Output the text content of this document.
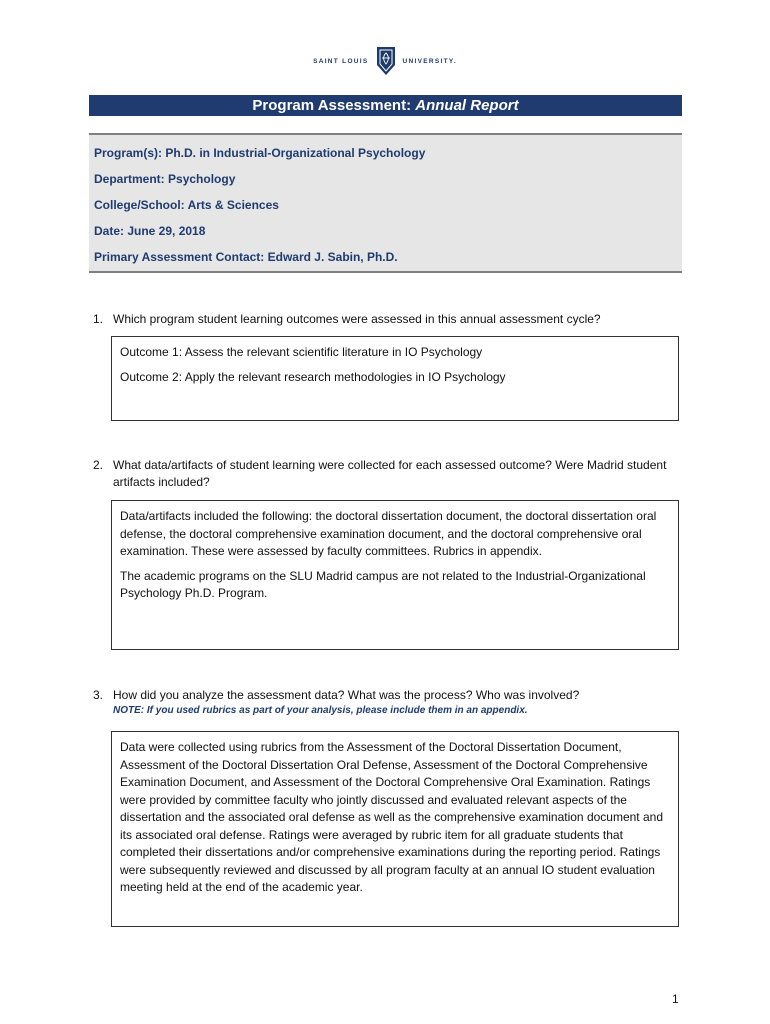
SAINT LOUIS	UNIVERSITY.
Program Assessment: Annual Report
Program(s): Ph.D. in Industrial-Organizational Psychology
Department: Psychology
College/School: Arts & Sciences
Date: June 29, 2018
Primary Assessment Contact: Edward J. Sabin, Ph.D.
1. Which program student learning outcomes were assessed in this annual assessment cycle?

Outcome 1: Assess the relevant scientific literature in IO Psychology

Outcome 2: Apply the relevant research methodologies in IO Psychology

2. What data/artifacts of student learning were collected for each assessed outcome? Were Madrid student artifacts included?

Data/artifacts included the following: the doctoral dissertation document, the doctoral dissertation oral defense, the doctoral comprehensive examination document, and the doctoral comprehensive oral examination. These were assessed by faculty committees. Rubrics in appendix.

The academic programs on the SLU Madrid campus are not related to the Industrial-Organizational Psychology Ph.D. Program.

3. How did you analyze the assessment data? What was the process? Who was involved?
NOTE: If you used rubrics as part of your analysis, please include them in an appendix.

Data were collected using rubrics from the Assessment of the Doctoral Dissertation Document, Assessment of the Doctoral Dissertation Oral Defense, Assessment of the Doctoral Comprehensive Examination Document, and Assessment of the Doctoral Comprehensive Oral Examination. Ratings were provided by committee faculty who jointly discussed and evaluated relevant aspects of the dissertation and the associated oral defense as well as the comprehensive examination document and its associated oral defense. Ratings were averaged by rubric item for all graduate students that completed their dissertations and/or comprehensive examinations during the reporting period. Ratings were subsequently reviewed and discussed by all program faculty at an annual IO student evaluation meeting held at the end of the academic year.

1
